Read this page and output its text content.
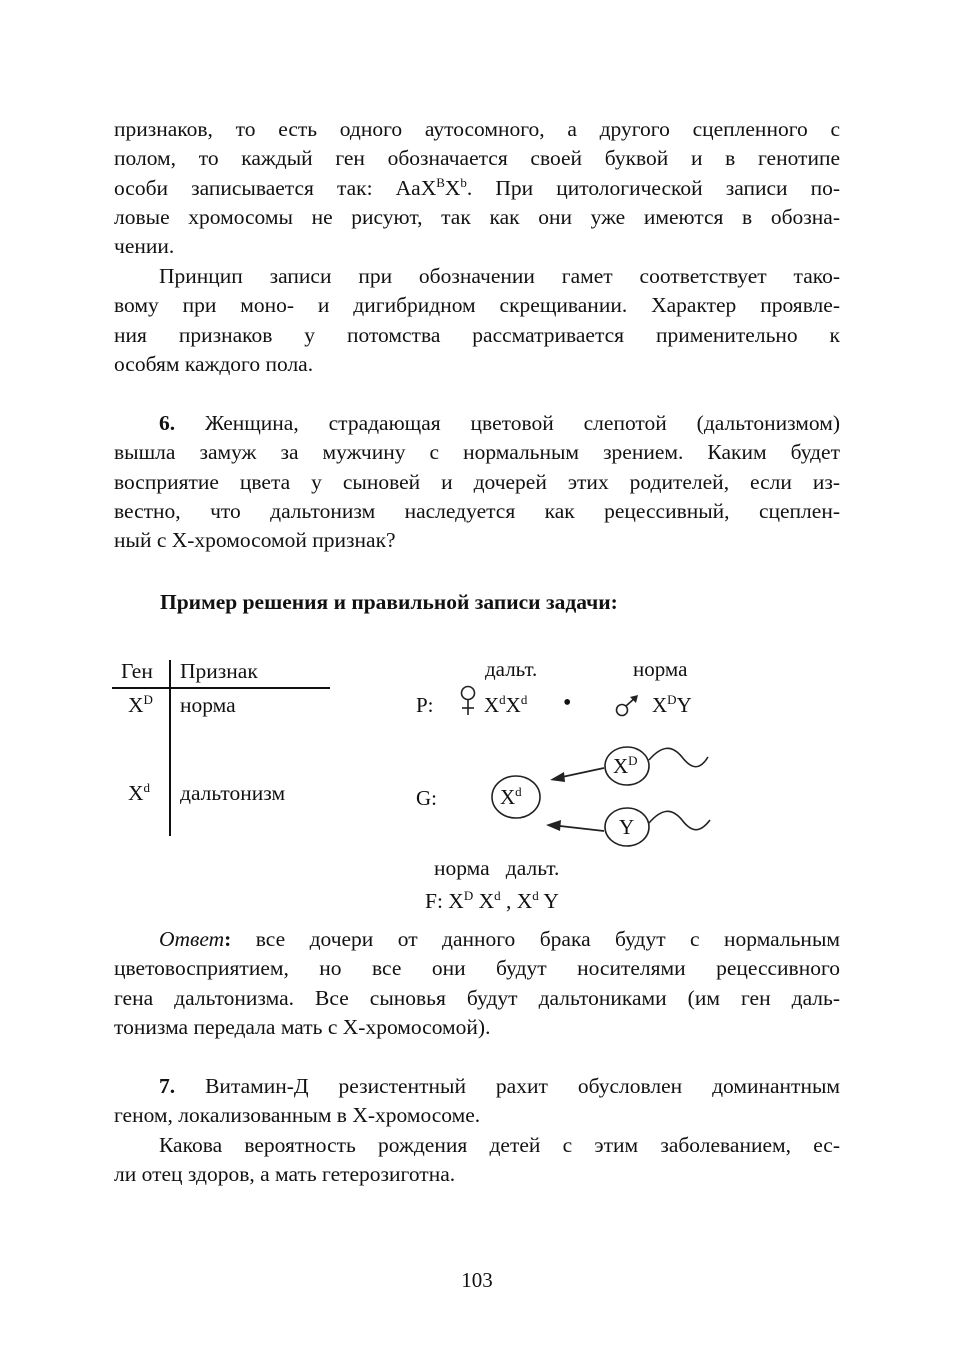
признаков, то есть одного аутосомного, а другого сцепленного с
полом, то каждый ген обозначается своей буквой и в генотипе
особи записывается так: $AaX^BX^b$. При цитологической записи по-
ловые хромосомы не рисуют, так как они уже имеются в обозна-
чении.
Принцип записи при обозначении гамет соответствует тако-
вому при моно- и дигибридном скрещивании. Характер проявле-
ния признаков у потомства рассматривается применительно к
особям каждого пола.
6. Женщина, страдающая цветовой слепотой (дальтонизмом)
вышла замуж за мужчину с нормальным зрением. Каким будет
восприятие цвета у сыновей и дочерей этих родителей, если из-
вестно, что дальтонизм наследуется как рецессивный, сцеплен-
ный с X-хромосомой признак?
Пример решения и правильной записи задачи:
Ген Признак
$X^D$ норма
$X^d$ дальтонизм
дальт.	норма
P: $X^dX^d$ •	$X^DY$
G:	$X^d$
$X^D$
Y
норма   дальт.
F: $X^D$ $X^d$ , $X^d$ Y
Ответ: все дочери от данного брака будут с нормальным
цветовосприятием, но все они будут носителями рецессивного
гена дальтонизма. Все сыновья будут дальтониками (им ген даль-
тонизма передала мать с X-хромосомой).
7. Витамин-Д резистентный рахит обусловлен доминантным
геном, локализованным в X-хромосоме.
Какова вероятность рождения детей с этим заболеванием, ес-
ли отец здоров, а мать гетерозиготна.
103
